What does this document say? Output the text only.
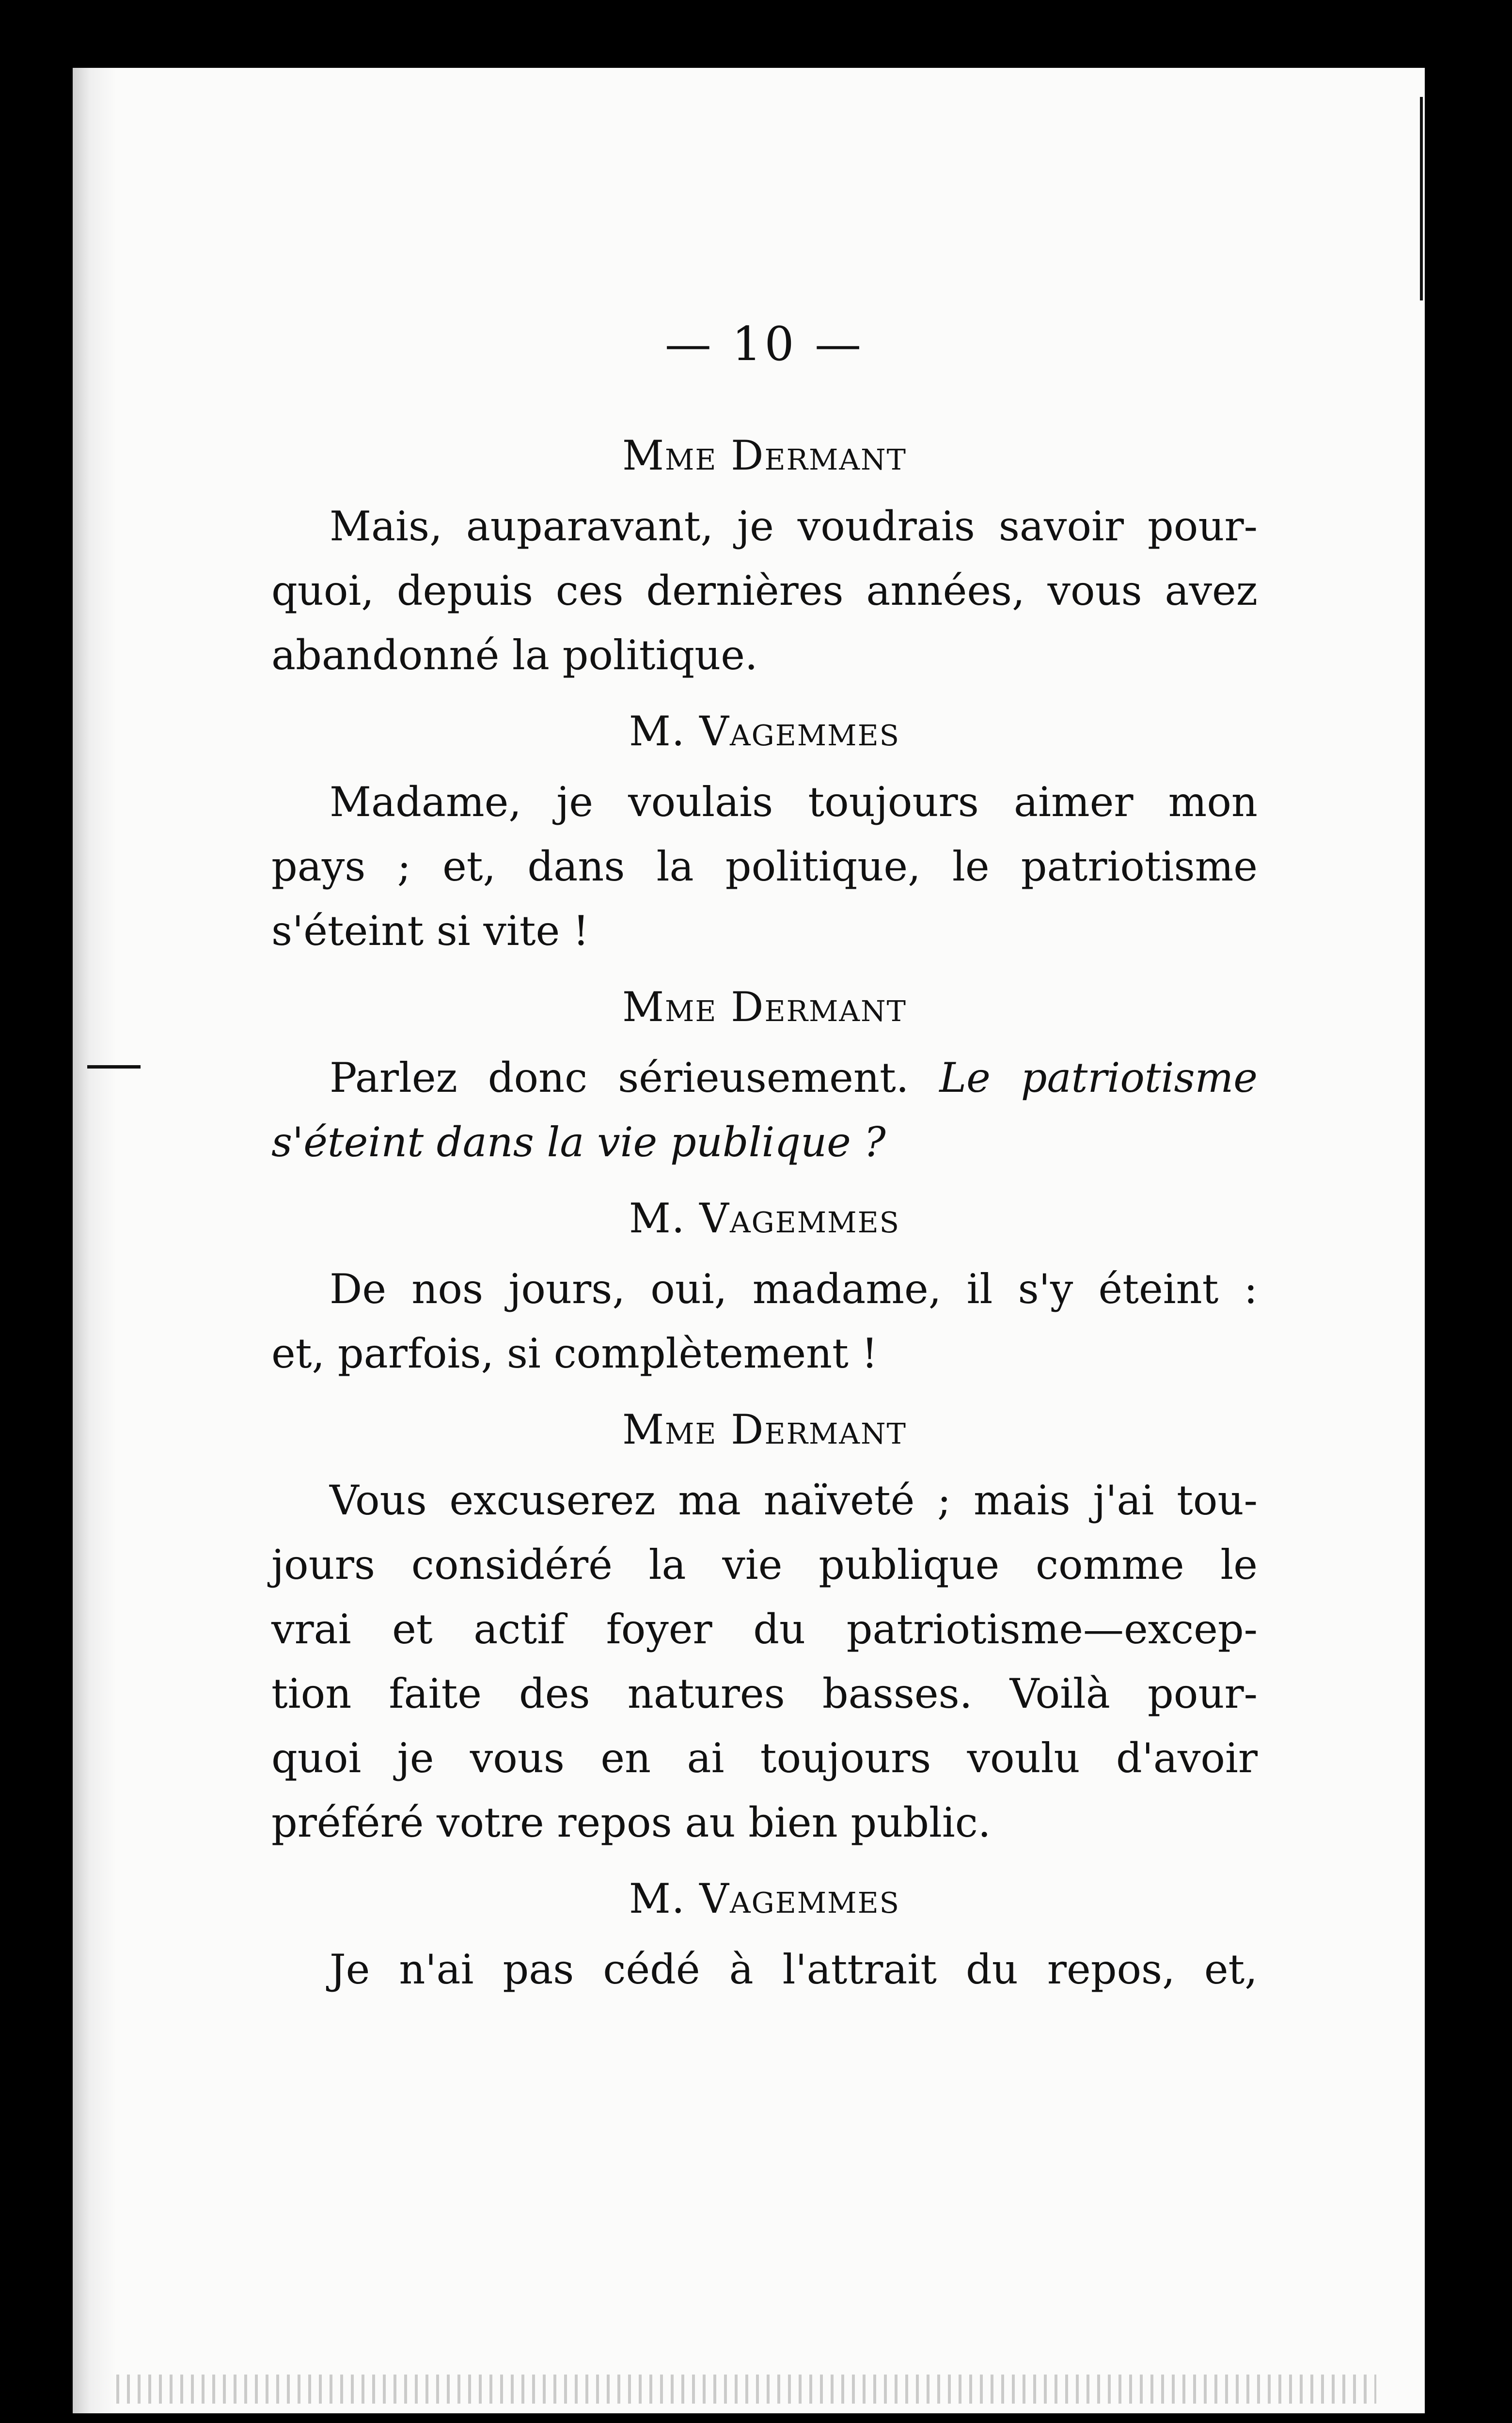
— 10 —
Mme Dermant
Mais, auparavant, je voudrais savoir pour-
quoi, depuis ces dernières années, vous avez
abandonné la politique.
M. Vagemmes
Madame, je voulais toujours aimer mon
pays ; et, dans la politique, le patriotisme
s'éteint si vite !
Mme Dermant
Parlez donc sérieusement. Le patriotisme
s'éteint dans la vie publique ?
M. Vagemmes
De nos jours, oui, madame, il s'y éteint :
et, parfois, si complètement !
Mme Dermant
Vous excuserez ma naïveté ; mais j'ai tou-
jours considéré la vie publique comme le
vrai et actif foyer du patriotisme—excep-
tion faite des natures basses. Voilà pour-
quoi je vous en ai toujours voulu d'avoir
préféré votre repos au bien public.
M. Vagemmes
Je n'ai pas cédé à l'attrait du repos, et,
